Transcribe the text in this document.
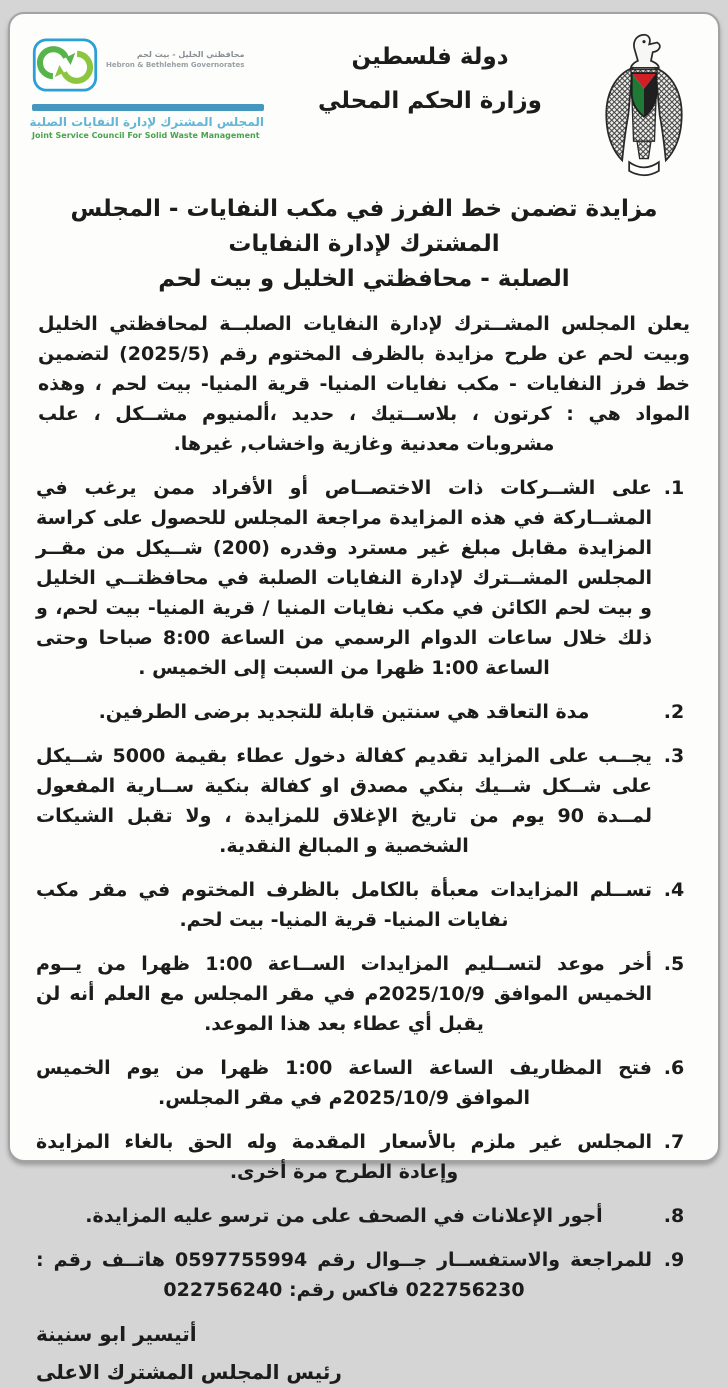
محافظتي الخليل - بيت لحم
Hebron & Bethlehem Governorates
المجلس المشترك لإدارة النفايات الصلبة
Joint Service Council For Solid Waste Management
دولة فلسطين
وزارة الحكم المحلي
مزايدة تضمن خط الفرز في مكب النفايات - المجلس المشترك لإدارة النفايات
الصلبة - محافظتي الخليل و بيت لحم

يعلن المجلس المشــترك لإدارة النفايات الصلبــة لمحافظتي الخليل وبيت لحم عن طرح مزايدة بالظرف المختوم رقم (2025/5) لتضمين خط فرز النفايات - مكب نفايات المنيا- قرية المنيا- بيت لحم ، وهذه المواد هي : كرتون ، بلاســتيك ، حديد ،ألمنيوم مشــكل ، علب مشروبات معدنية وغازية واخشاب, غيرها.

1.
على الشــركات ذات الاختصــاص أو الأفراد ممن يرغب في المشــاركة في هذه المزايدة مراجعة المجلس للحصول على كراسة المزايدة مقابل مبلغ غير مسترد وقدره (200) شــيكل من مقــر المجلس المشــترك لإدارة النفايات الصلبة في محافظتــي الخليل و بيت لحم الكائن في مكب نفايات المنيا / قرية المنيا- بيت لحم، و ذلك خلال ساعات الدوام الرسمي من الساعة 8:00 صباحا وحتى الساعة 1:00 ظهرا من السبت إلى الخميس .
2.
مدة التعاقد هي سنتين قابلة للتجديد برضى الطرفين.
3.
يجــب على المزايد تقديم كفالة دخول عطاء بقيمة 5000 شــيكل على شــكل شــيك بنكي مصدق او كفالة بنكية ســارية المفعول لمــدة 90 يوم من تاريخ الإغلاق للمزايدة ، ولا تقبل الشيكات الشخصية و المبالغ النقدية.
4.
تســلم المزايدات معبأة بالكامل بالظرف المختوم في مقر مكب نفايات المنيا- قرية المنيا- بيت لحم.
5.
أخر موعد لتســليم المزايدات الســاعة 1:00 ظهرا من يــوم الخميس الموافق 2025/10/9م في مقر المجلس مع العلم أنه لن يقبل أي عطاء بعد هذا الموعد.
6.
فتح المظاريف الساعة الساعة 1:00 ظهرا من يوم الخميس الموافق 2025/10/9م في مقر المجلس.
7.
المجلس غير ملزم بالأسعار المقدمة وله الحق بالغاء المزايدة وإعادة الطرح مرة أخرى.
8.
أجور الإعلانات في الصحف على من ترسو عليه المزايدة.
9.
للمراجعة والاستفســار جــوال رقم 0597755994 هاتــف رقم : 022756230 فاكس رقم: 022756240
أتيسير ابو سنينة
رئيس المجلس المشترك الاعلى
